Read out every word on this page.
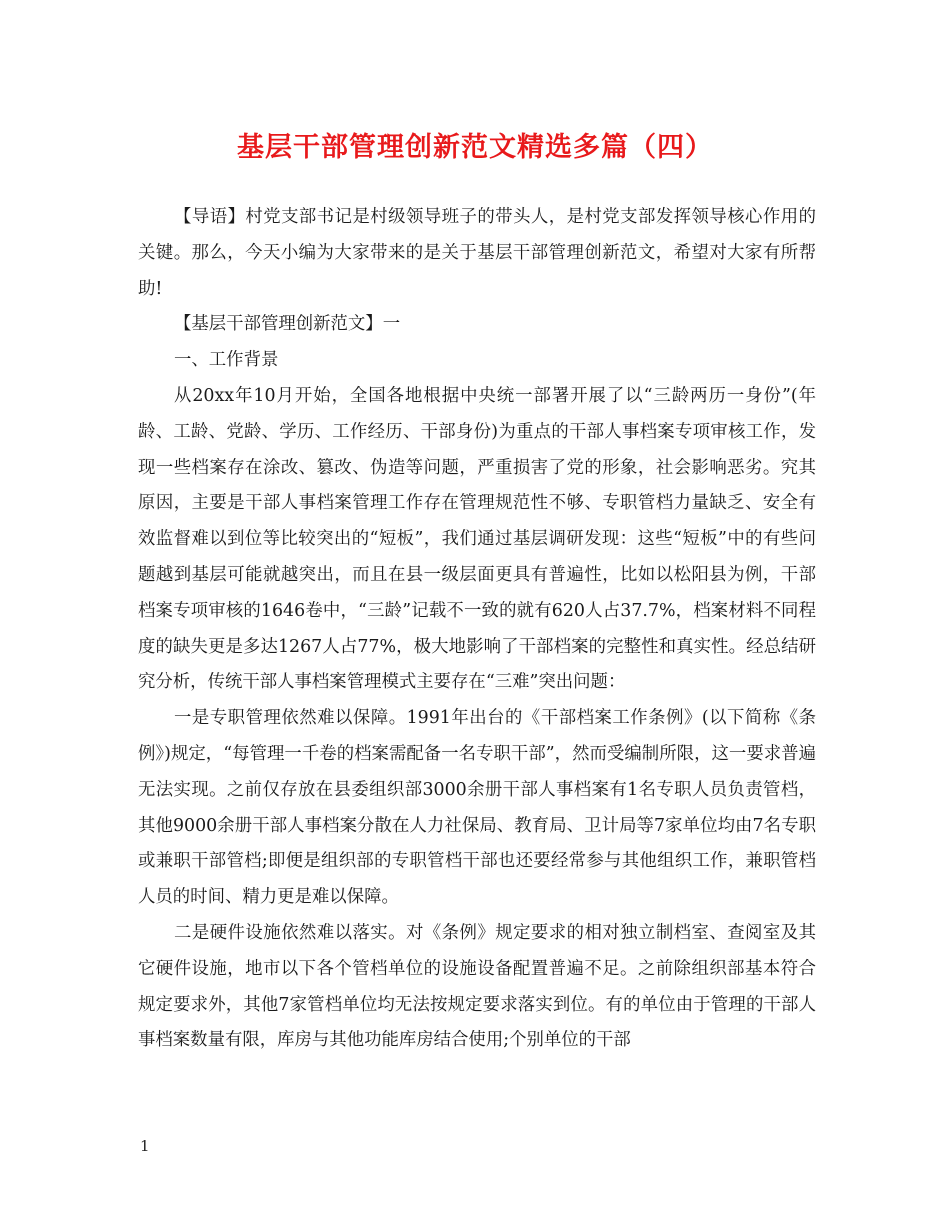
基层干部管理创新范文精选多篇（四）

【导语】村党支部书记是村级领导班子的带头人，是村党支部发挥领导核心作用的关键。那么，今天小编为大家带来的是关于基层干部管理创新范文，希望对大家有所帮助!

【基层干部管理创新范文】一

一、工作背景

从20xx年10月开始，全国各地根据中央统一部署开展了以“三龄两历一身份”(年龄、工龄、党龄、学历、工作经历、干部身份)为重点的干部人事档案专项审核工作，发现一些档案存在涂改、篡改、伪造等问题，严重损害了党的形象，社会影响恶劣。究其原因，主要是干部人事档案管理工作存在管理规范性不够、专职管档力量缺乏、安全有效监督难以到位等比较突出的“短板”，我们通过基层调研发现：这些“短板”中的有些问题越到基层可能就越突出，而且在县一级层面更具有普遍性，比如以松阳县为例，干部档案专项审核的1646卷中，“三龄”记载不一致的就有620人占37.7%，档案材料不同程度的缺失更是多达1267人占77%，极大地影响了干部档案的完整性和真实性。经总结研究分析，传统干部人事档案管理模式主要存在“三难”突出问题：

一是专职管理依然难以保障。1991年出台的《干部档案工作条例》(以下简称《条例》)规定，“每管理一千卷的档案需配备一名专职干部”，然而受编制所限，这一要求普遍无法实现。之前仅存放在县委组织部3000余册干部人事档案有1名专职人员负责管档，其他9000余册干部人事档案分散在人力社保局、教育局、卫计局等7家单位均由7名专职或兼职干部管档;即便是组织部的专职管档干部也还要经常参与其他组织工作，兼职管档人员的时间、精力更是难以保障。

二是硬件设施依然难以落实。对《条例》规定要求的相对独立制档室、查阅室及其它硬件设施，地市以下各个管档单位的设施设备配置普遍不足。之前除组织部基本符合规定要求外，其他7家管档单位均无法按规定要求落实到位。有的单位由于管理的干部人事档案数量有限，库房与其他功能库房结合使用;个别单位的干部

1
